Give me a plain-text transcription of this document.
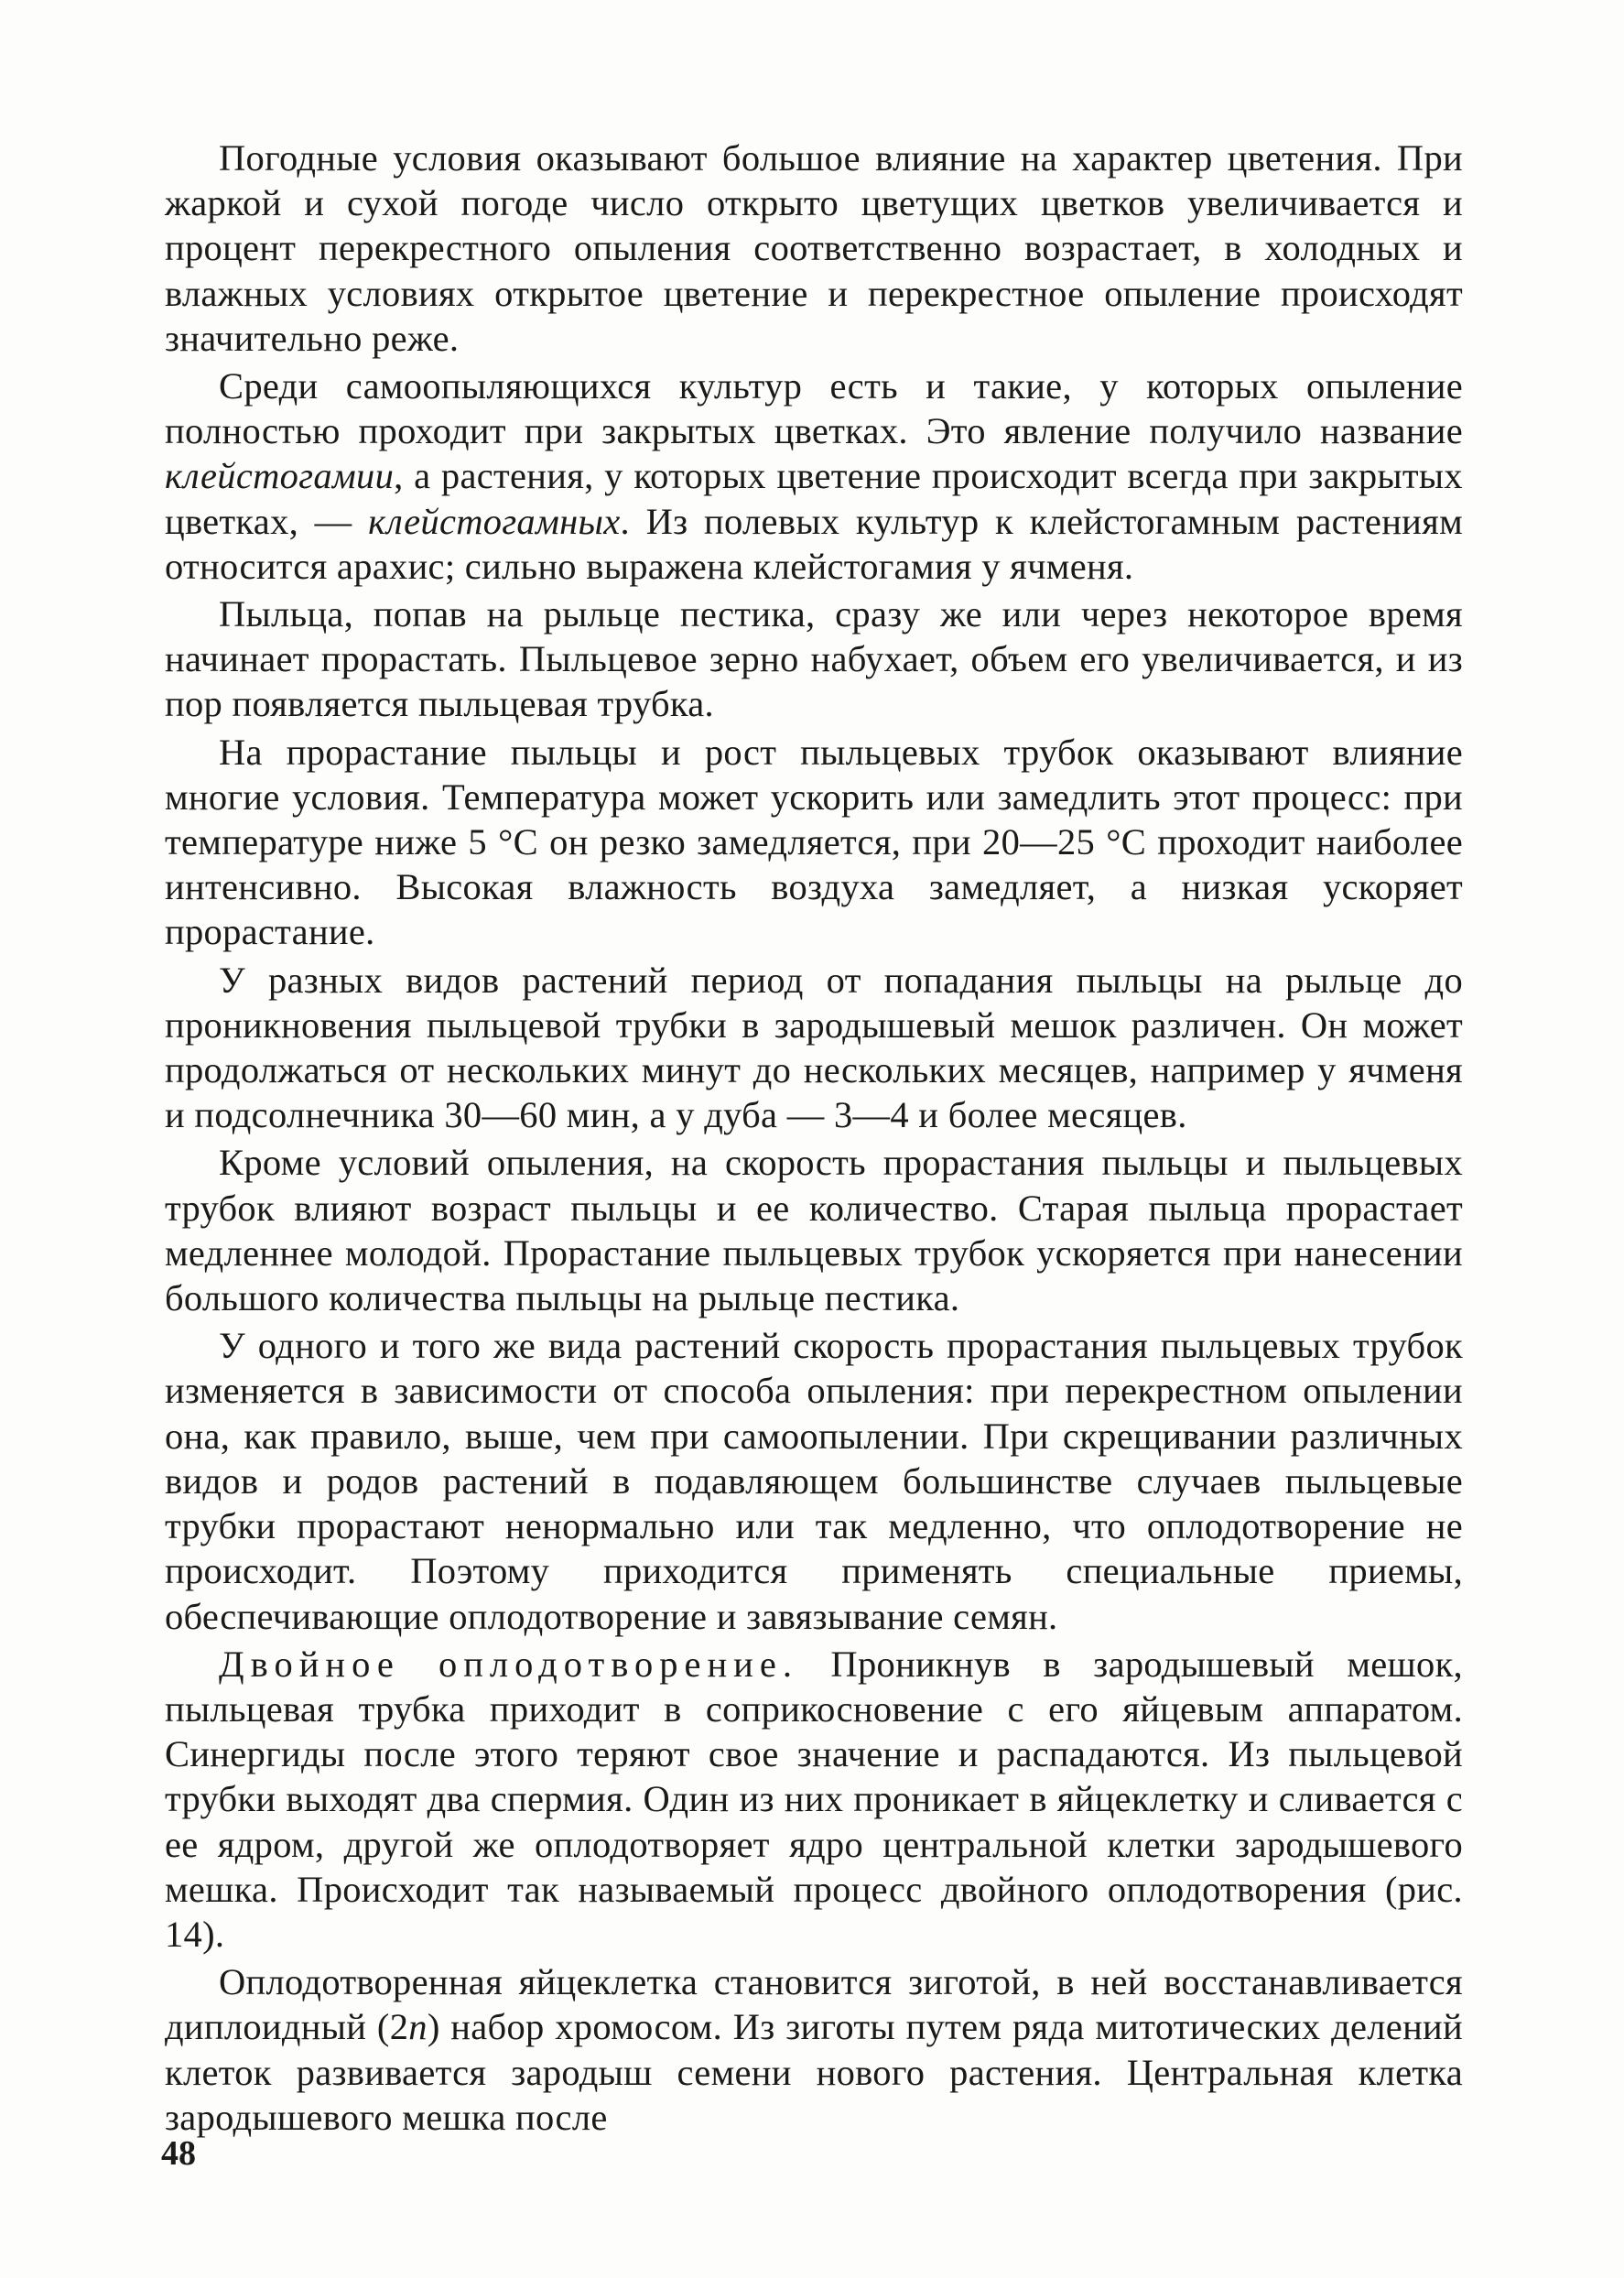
Погодные условия оказывают большое влияние на характер цветения. При жаркой и сухой погоде число открыто цветущих цветков увеличивается и процент перекрестного опыления соответственно возрастает, в холодных и влажных условиях открытое цветение и перекрестное опыление происходят значительно реже.

Среди самоопыляющихся культур есть и такие, у которых опыление полностью проходит при закрытых цветках. Это явление получило название клейстогамии, а растения, у которых цветение происходит всегда при закрытых цветках, — клейстогамных. Из полевых культур к клейстогамным растениям относится арахис; сильно выражена клейстогамия у ячменя.

Пыльца, попав на рыльце пестика, сразу же или через некоторое время начинает прорастать. Пыльцевое зерно набухает, объем его увеличивается, и из пор появляется пыльцевая трубка.

На прорастание пыльцы и рост пыльцевых трубок оказывают влияние многие условия. Температура может ускорить или замедлить этот процесс: при температуре ниже 5 °С он резко замедляется, при 20—25 °С проходит наиболее интенсивно. Высокая влажность воздуха замедляет, а низкая ускоряет прорастание.

У разных видов растений период от попадания пыльцы на рыльце до проникновения пыльцевой трубки в зародышевый мешок различен. Он может продолжаться от нескольких минут до нескольких месяцев, например у ячменя и подсолнечника 30—60 мин, а у дуба — 3—4 и более месяцев.

Кроме условий опыления, на скорость прорастания пыльцы и пыльцевых трубок влияют возраст пыльцы и ее количество. Старая пыльца прорастает медленнее молодой. Прорастание пыльцевых трубок ускоряется при нанесении большого количества пыльцы на рыльце пестика.

У одного и того же вида растений скорость прорастания пыльцевых трубок изменяется в зависимости от способа опыления: при перекрестном опылении она, как правило, выше, чем при самоопылении. При скрещивании различных видов и родов растений в подавляющем большинстве случаев пыльцевые трубки прорастают ненормально или так медленно, что оплодотворение не происходит. Поэтому приходится применять специальные приемы, обеспечивающие оплодотворение и завязывание семян.

Двойное оплодотворение. Проникнув в зародышевый мешок, пыльцевая трубка приходит в соприкосновение с его яйцевым аппаратом. Синергиды после этого теряют свое значение и распадаются. Из пыльцевой трубки выходят два спермия. Один из них проникает в яйцеклетку и сливается с ее ядром, другой же оплодотворяет ядро центральной клетки зародышевого мешка. Происходит так называемый процесс двойного оплодотворения (рис. 14).

Оплодотворенная яйцеклетка становится зиготой, в ней восстанавливается диплоидный (2n) набор хромосом. Из зиготы путем ряда митотических делений клеток развивается зародыш семени нового растения. Центральная клетка зародышевого мешка после

48
